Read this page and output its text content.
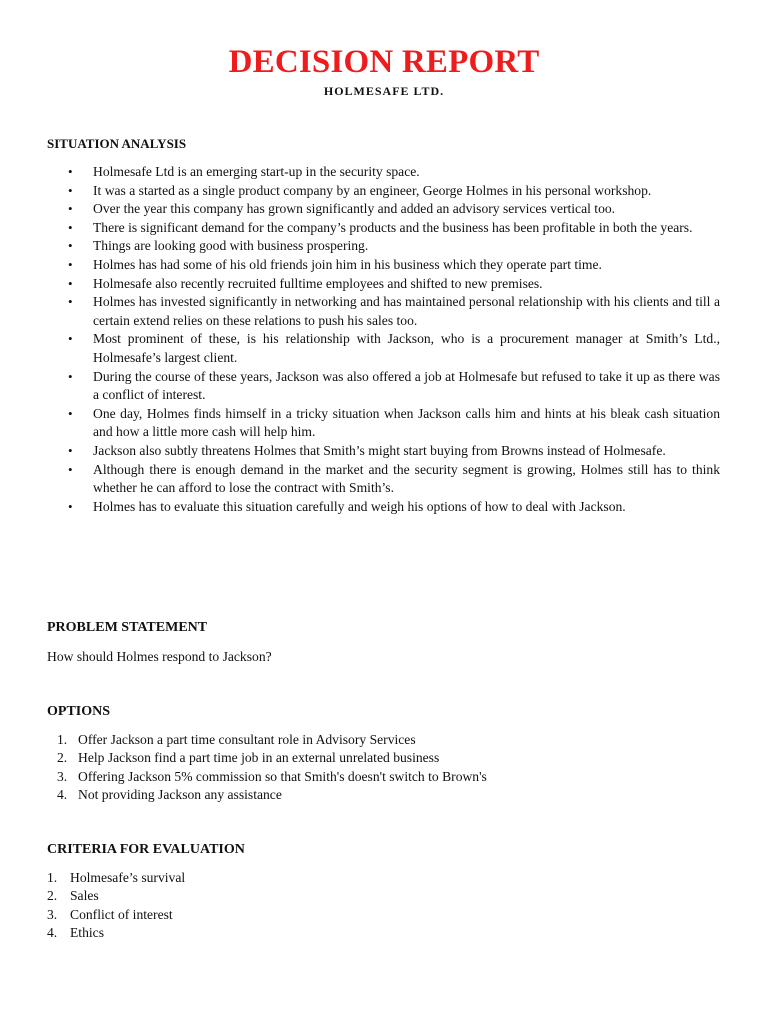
DECISION REPORT
HOLMESAFE LTD.
SITUATION ANALYSIS
• Holmesafe Ltd is an emerging start-up in the security space.
• It was a started as a single product company by an engineer, George Holmes in his personal workshop.
• Over the year this company has grown significantly and added an advisory services vertical too.
• There is significant demand for the company’s products and the business has been profitable in both the years.
• Things are looking good with business prospering.
• Holmes has had some of his old friends join him in his business which they operate part time.
• Holmesafe also recently recruited fulltime employees and shifted to new premises.
• Holmes has invested significantly in networking and has maintained personal relationship with his clients and till a certain extend relies on these relations to push his sales too.
• Most prominent of these, is his relationship with Jackson, who is a procurement manager at Smith’s Ltd., Holmesafe’s largest client.
• During the course of these years, Jackson was also offered a job at Holmesafe but refused to take it up as there was a conflict of interest.
• One day, Holmes finds himself in a tricky situation when Jackson calls him and hints at his bleak cash situation and how a little more cash will help him.
• Jackson also subtly threatens Holmes that Smith’s might start buying from Browns instead of Holmesafe.
• Although there is enough demand in the market and the security segment is growing, Holmes still has to think whether he can afford to lose the contract with Smith’s.
• Holmes has to evaluate this situation carefully and weigh his options of how to deal with Jackson.
PROBLEM STATEMENT
How should Holmes respond to Jackson?
OPTIONS
1. Offer Jackson a part time consultant role in Advisory Services
2. Help Jackson find a part time job in an external unrelated business
3. Offering Jackson 5% commission so that Smith's doesn't switch to Brown's
4. Not providing Jackson any assistance
CRITERIA FOR EVALUATION
1. Holmesafe’s survival
2. Sales
3. Conflict of interest
4. Ethics
